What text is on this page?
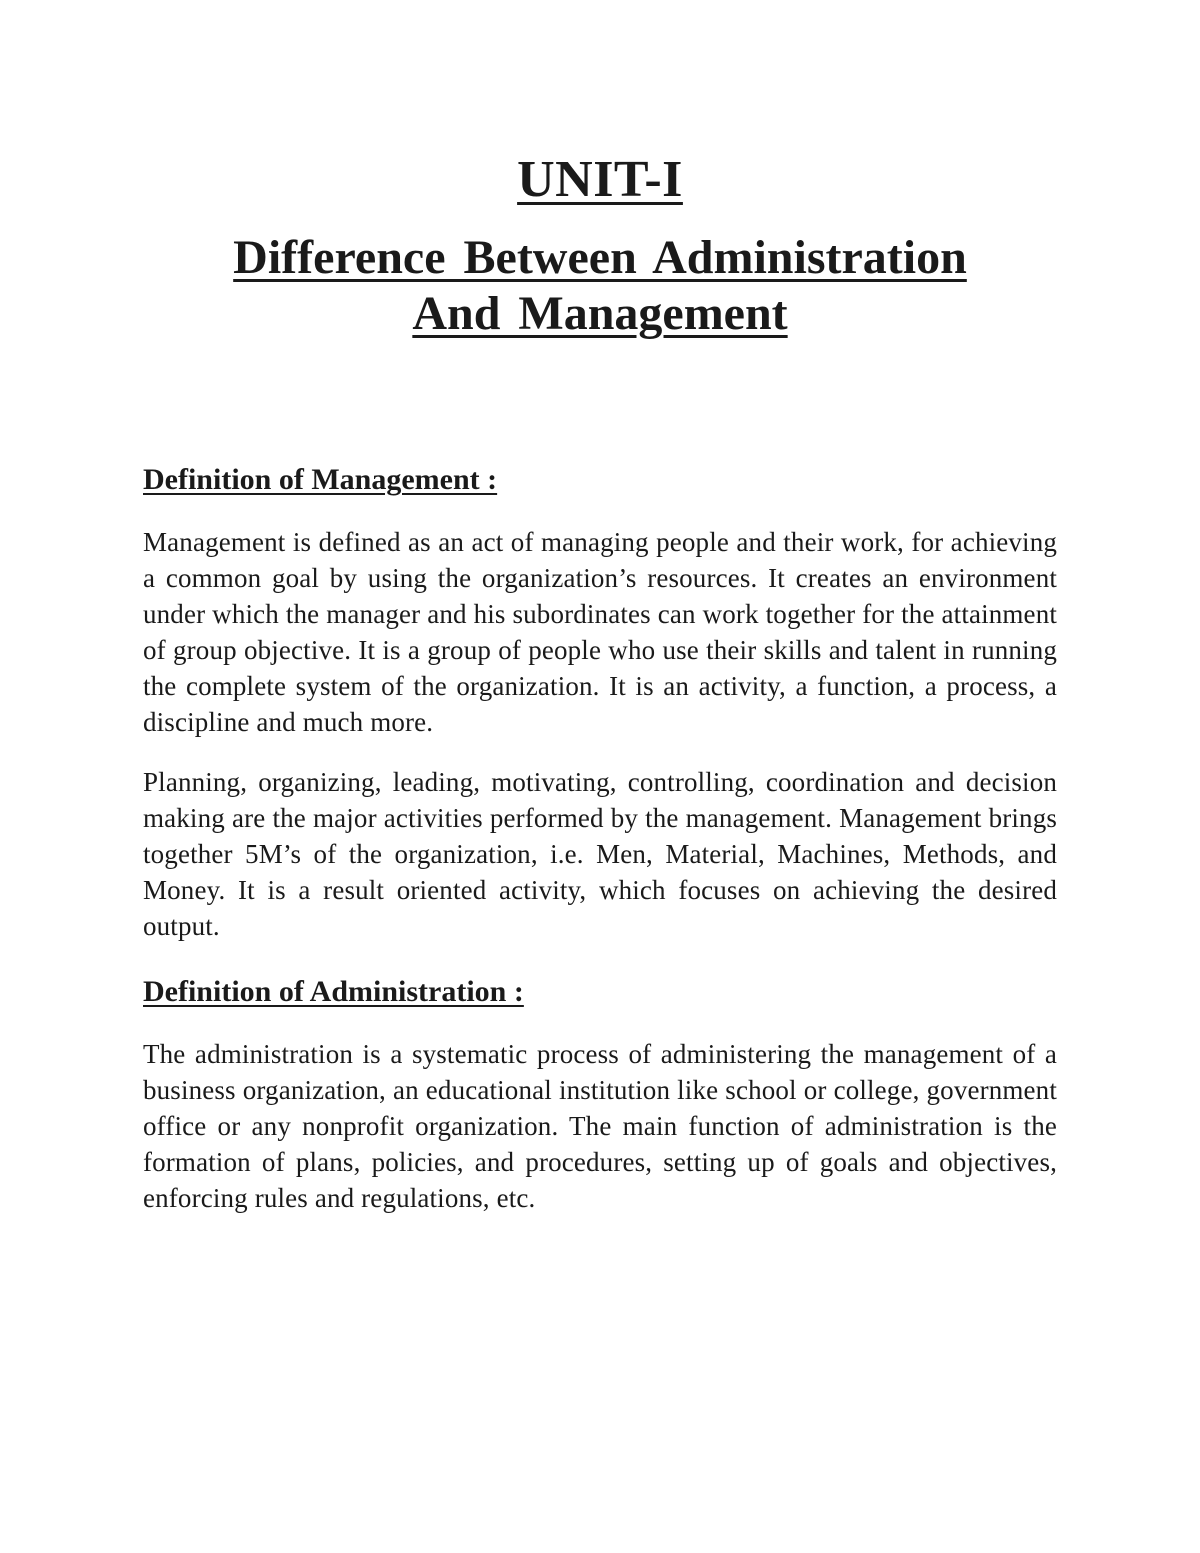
UNIT-I
Difference Between Administration
And Management
Definition of Management :

Management is defined as an act of managing people and their work, for achieving a common goal by using the organization’s resources. It creates an environment under which the manager and his subordinates can work together for the attainment of group objective. It is a group of people who use their skills and talent in running the complete system of the organization. It is an activity, a function, a process, a discipline and much more.

Planning, organizing, leading, motivating, controlling, coordination and decision making are the major activities performed by the management. Management brings together 5M’s of the organization, i.e. Men, Material, Machines, Methods, and Money. It is a result oriented activity, which focuses on achieving the desired output.

Definition of Administration :

The administration is a systematic process of administering the management of a business organization, an educational institution like school or college, government office or any nonprofit organization. The main function of administration is the formation of plans, policies, and procedures, setting up of goals and objectives, enforcing rules and regulations, etc.
